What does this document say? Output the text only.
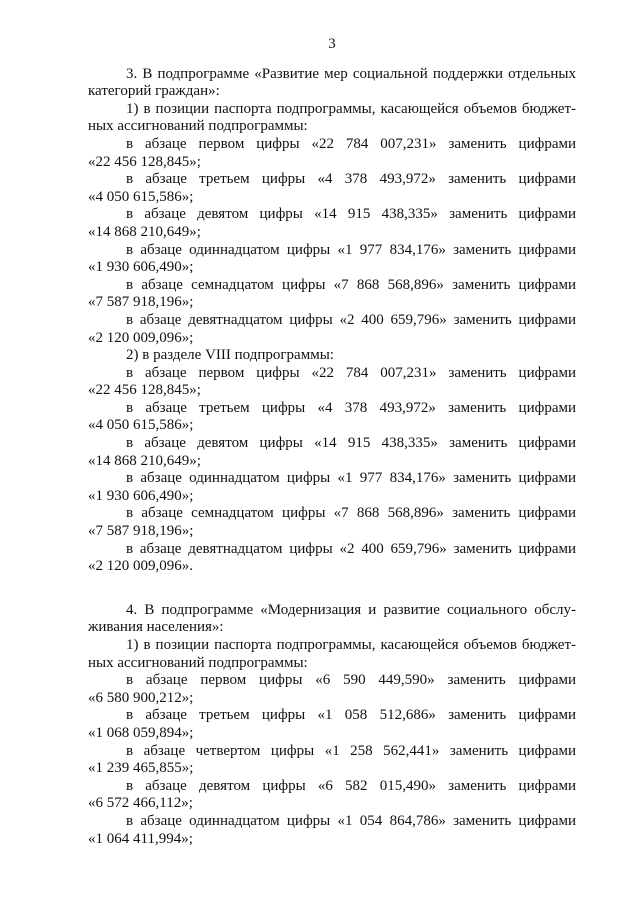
3
3. В подпрограмме «Развитие мер социальной поддержки отдельных категорий граждан»:
1) в позиции паспорта подпрограммы, касающейся объемов бюджет-ных ассигнований подпрограммы:
в абзаце первом цифры «22 784 007,231» заменить цифрами
«22 456 128,845»;
в абзаце третьем цифры «4 378 493,972» заменить цифрами
«4 050 615,586»;
в абзаце девятом цифры «14 915 438,335» заменить цифрами
«14 868 210,649»;
в абзаце одиннадцатом цифры «1 977 834,176» заменить цифрами
«1 930 606,490»;
в абзаце семнадцатом цифры «7 868 568,896» заменить цифрами
«7 587 918,196»;
в абзаце девятнадцатом цифры «2 400 659,796» заменить цифрами
«2 120 009,096»;
2) в разделе VIII подпрограммы:
в абзаце первом цифры «22 784 007,231» заменить цифрами
«22 456 128,845»;
в абзаце третьем цифры «4 378 493,972» заменить цифрами
«4 050 615,586»;
в абзаце девятом цифры «14 915 438,335» заменить цифрами
«14 868 210,649»;
в абзаце одиннадцатом цифры «1 977 834,176» заменить цифрами
«1 930 606,490»;
в абзаце семнадцатом цифры «7 868 568,896» заменить цифрами
«7 587 918,196»;
в абзаце девятнадцатом цифры «2 400 659,796» заменить цифрами
«2 120 009,096».
4. В подпрограмме «Модернизация и развитие социального обслу-живания населения»:
1) в позиции паспорта подпрограммы, касающейся объемов бюджет-ных ассигнований подпрограммы:
в абзаце первом цифры «6 590 449,590» заменить цифрами
«6 580 900,212»;
в абзаце третьем цифры «1 058 512,686» заменить цифрами
«1 068 059,894»;
в абзаце четвертом цифры «1 258 562,441» заменить цифрами
«1 239 465,855»;
в абзаце девятом цифры «6 582 015,490» заменить цифрами
«6 572 466,112»;
в абзаце одиннадцатом цифры «1 054 864,786» заменить цифрами
«1 064 411,994»;
